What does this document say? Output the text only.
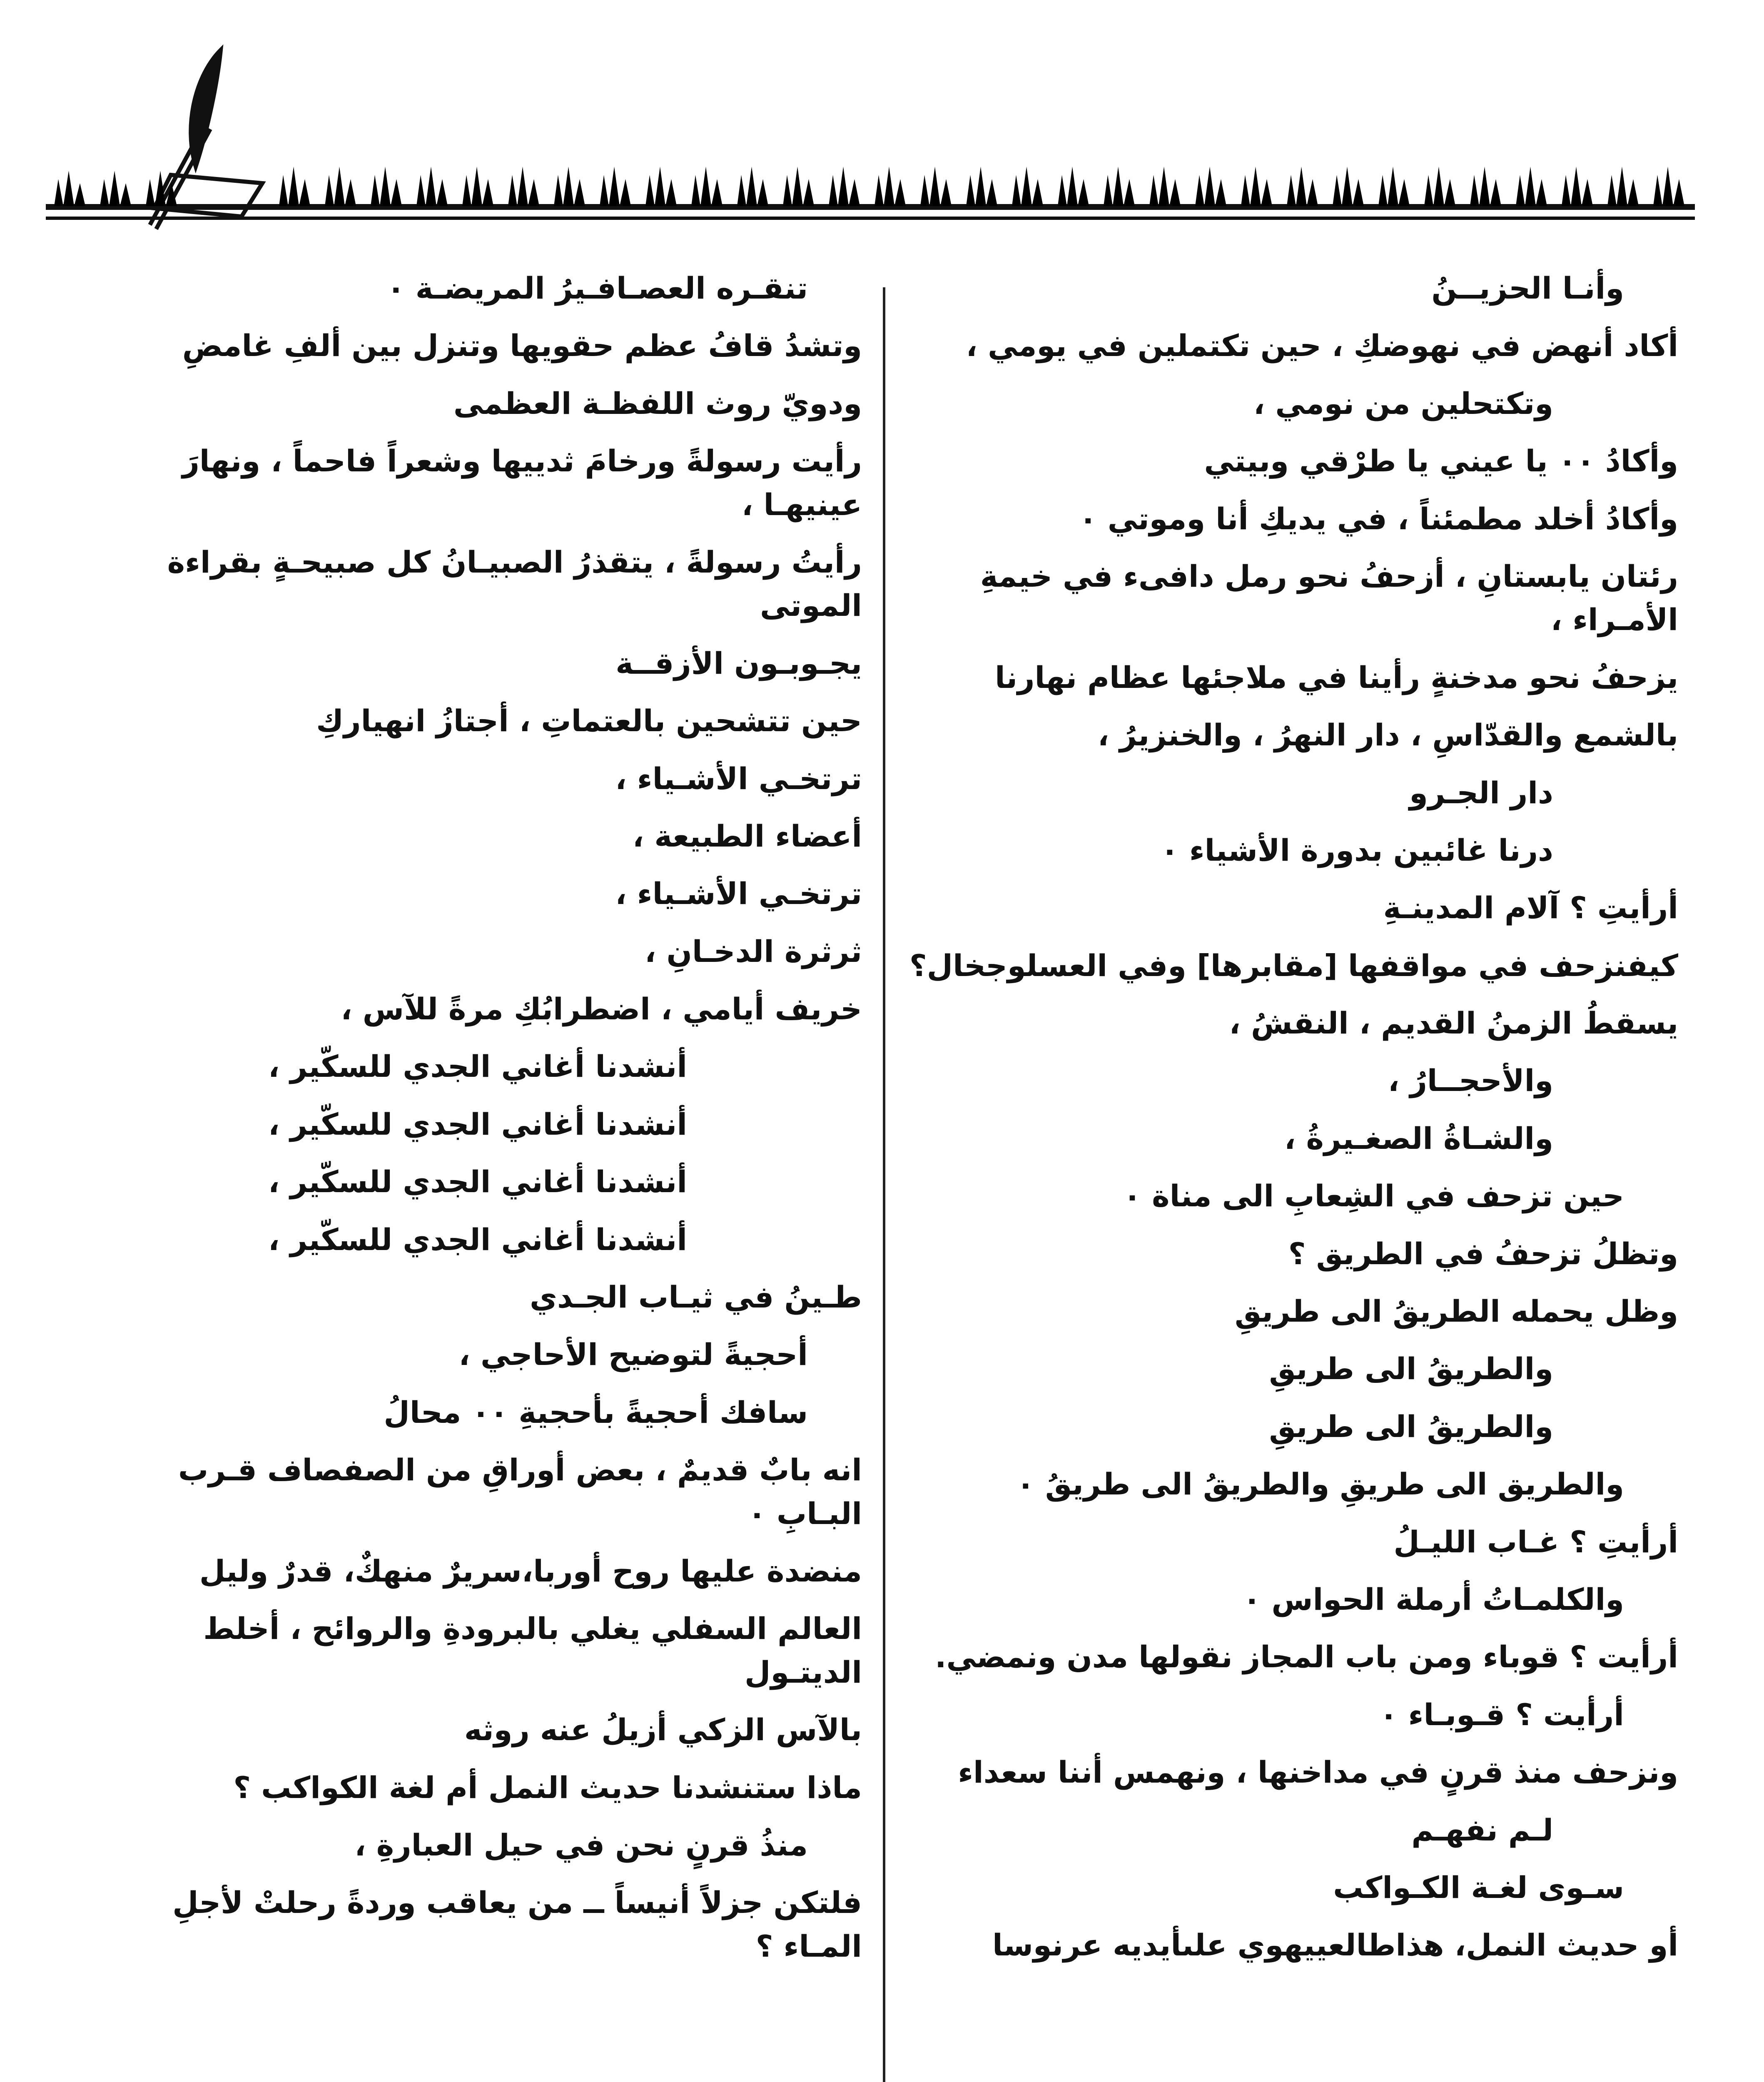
وأنـا الحزيــنُ
أكاد أنهض في نهوضكِ ، حين تكتملين في يومي ،
وتكتحلين من نومي ،
وأكادُ ٠٠ يا عيني يا طرْقي وبيتي
وأكادُ أخلد مطمئناً ، في يديكِ أنا وموتي ٠
رئتان يابستانِ ، أزحفُ نحو رمل دافىء في خيمةِ الأمـراء ،
يزحفُ نحو مدخنةٍ رأينا في ملاجئها عظام نهارنا
بالشمع والقدّاسِ ، دار النهرُ ، والخنزيرُ ،
دار الجـرو
درنا غائبين بدورة الأشياء ٠
أرأيتِ ؟ آلام المدينـةِ
كيفنزحف في مواقفها [مقابرها] وفي العسلوجخال؟
يسقطُ الزمنُ القديم ، النقشُ ،
والأحجــارُ ،
والشـاةُ الصغـيرةُ ،
حين تزحف في الشِعابِ الى مناة ٠
وتظلُ تزحفُ في الطريق ؟
وظل يحمله الطريقُ الى طريقِ
والطريقُ الى طريقِ
والطريقُ الى طريقِ
والطريق الى طريقِ والطريقُ الى طريقُ ٠
أرأيتِ ؟ غـاب الليـلُ
والكلمـاتُ أرملة الحواس ٠
أرأيت ؟ قوباء ومن باب المجاز نقولها مدن ونمضي.
أرأيت ؟ قـوبـاء ٠
ونزحف منذ قرنٍ في مداخنها ، ونهمس أننا سعداء
لـم نفهـم
سـوى لغـة الكـواكب
أو حديث النمل، هذاطالعييهوي علىأيديه عرنوسا
تنقـره العصـافـيرُ المريضـة ٠
وتشدُ قافُ عظم حقويها وتنزل بين ألفِ غامضِ
ودويّ روث اللفظـة العظمى
رأيت رسولةً ورخامَ ثدييها وشعراً فاحماً ، ونهارَ عينيهـا ،
رأيتُ رسولةً ، يتقذرُ الصبيـانُ كل صبيحـةٍ بقراءة الموتى
يجـوبـون الأزقــة
حين تتشحين بالعتماتِ ، أجتازُ انهياركِ
ترتخـي الأشـياء ،
أعضاء الطبيعة ،
ترتخـي الأشـياء ،
ثرثرة الدخـانِ ،
خريف أيامي ، اضطرابُكِ مرةً للآس ،
أنشدنا أغاني الجدي للسكّير ،
أنشدنا أغاني الجدي للسكّير ،
أنشدنا أغاني الجدي للسكّير ،
أنشدنا أغاني الجدي للسكّير ،
طـينُ في ثيـاب الجـدي
أحجيةً لتوضيح الأحاجي ،
سافك أحجيةً بأحجيةِ ٠٠ محالُ
انه بابٌ قديمٌ ، بعض أوراقِ من الصفصاف قـرب البـابِ ٠
منضدة عليها روح أوربا،سريرٌ منهكٌ، قدرٌ وليل
العالم السفلي يغلي بالبرودةِ والروائح ، أخلط الديتـول
بالآس الزكي أزيلُ عنه روثه
ماذا ستنشدنا حديث النمل أم لغة الكواكب ؟
منذُ قرنٍ نحن في حيل العبارةِ ،
فلتكن جزلاً أنيساً ــ من يعاقب وردةً رحلتْ لأجلِ المـاء ؟
